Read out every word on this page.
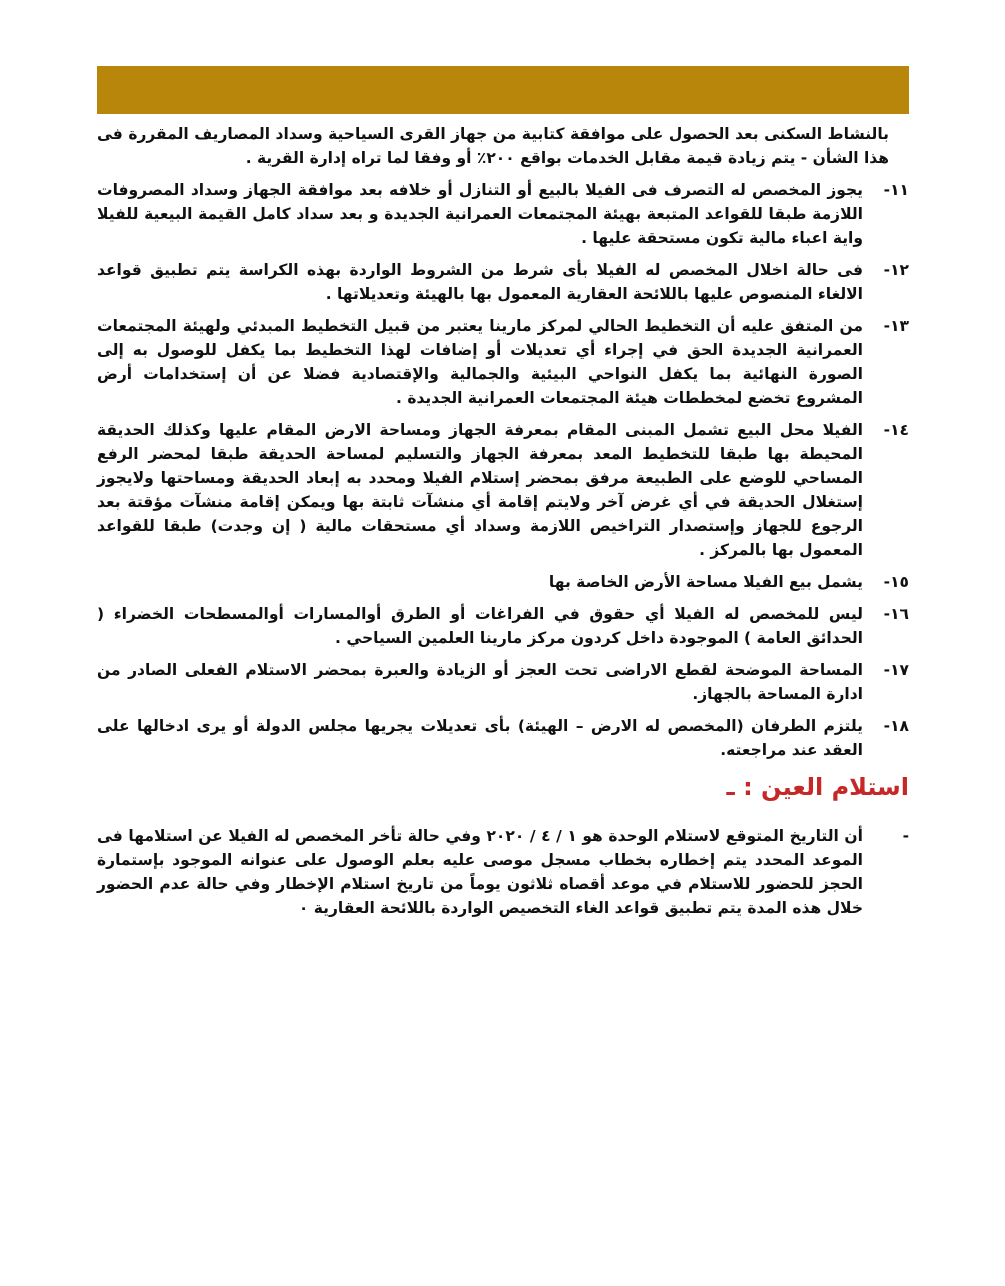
بالنشاط السكنى بعد الحصول على موافقة كتابية من جهاز القرى السياحية وسداد المصاريف المقررة فى هذا الشأن - يتم زيادة قيمة مقابل الخدمات بواقع ٢٠٠٪ أو وفقا لما تراه إدارة القرية .

١١-
يجوز المخصص له التصرف فى الفيلا بالبيع أو التنازل أو خلافه بعد موافقة الجهاز وسداد المصروفات اللازمة طبقا للقواعد المتبعة بهيئة المجتمعات العمرانية الجديدة و بعد سداد كامل القيمة البيعية للفيلا واية اعباء مالية تكون مستحقة عليها .
١٢-
فى حالة اخلال المخصص له الفيلا بأى شرط من الشروط الواردة بهذه الكراسة يتم تطبيق قواعد الالغاء المنصوص عليها باللائحة العقارية المعمول بها بالهيئة وتعديلاتها .
١٣-
من المتفق عليه أن التخطيط الحالي لمركز مارينا يعتبر من قبيل التخطيط المبدئي ولهيئة المجتمعات العمرانية الجديدة الحق في إجراء أي تعديلات أو إضافات لهذا التخطيط بما يكفل للوصول به إلى الصورة النهائية بما يكفل النواحي البيئية والجمالية والإقتصادية فضلا عن أن إستخدامات أرض المشروع تخضع لمخططات هيئة المجتمعات العمرانية الجديدة .
١٤-
الفيلا محل البيع تشمل المبنى المقام بمعرفة الجهاز ومساحة الارض المقام عليها وكذلك الحديقة المحيطة بها طبقا للتخطيط المعد بمعرفة الجهاز والتسليم لمساحة الحديقة طبقا لمحضر الرفع المساحي للوضع على الطبيعة مرفق بمحضر إستلام الفيلا ومحدد به إبعاد الحديقة ومساحتها ولايجوز إستغلال الحديقة في أي غرض آخر ولايتم إقامة أي منشآت ثابتة بها ويمكن إقامة منشآت مؤقتة بعد الرجوع للجهاز وإستصدار التراخيص اللازمة وسداد أي مستحقات مالية ( إن وجدت) طبقا للقواعد المعمول بها بالمركز .
١٥-
يشمل بيع الفيلا مساحة الأرض الخاصة بها
١٦-
ليس للمخصص له الفيلا أي حقوق في الفراغات أو الطرق أوالمسارات أوالمسطحات الخضراء ( الحدائق العامة ) الموجودة داخل كردون مركز مارينا العلمين السياحي .
١٧-
المساحة الموضحة لقطع الاراضى تحت العجز أو الزيادة والعبرة بمحضر الاستلام الفعلى الصادر من ادارة المساحة بالجهاز.
١٨-
يلتزم الطرفان (المخصص له الارض – الهيئة) بأى تعديلات يجريها مجلس الدولة أو يرى ادخالها على العقد عند مراجعته.
استلام العين : ـ
-
أن التاريخ المتوقع لاستلام الوحدة هو ١ / ٤ / ٢٠٢٠ وفي حالة تأخر المخصص له الفيلا عن استلامها فى الموعد المحدد يتم إخطاره بخطاب مسجل موصى عليه بعلم الوصول على عنوانه الموجود بإستمارة الحجز للحضور للاستلام في موعد أقصاه ثلاثون يوماً من تاريخ استلام الإخطار وفي حالة عدم الحضور خلال هذه المدة يتم تطبيق قواعد الغاء التخصيص الواردة باللائحة العقارية ٠
